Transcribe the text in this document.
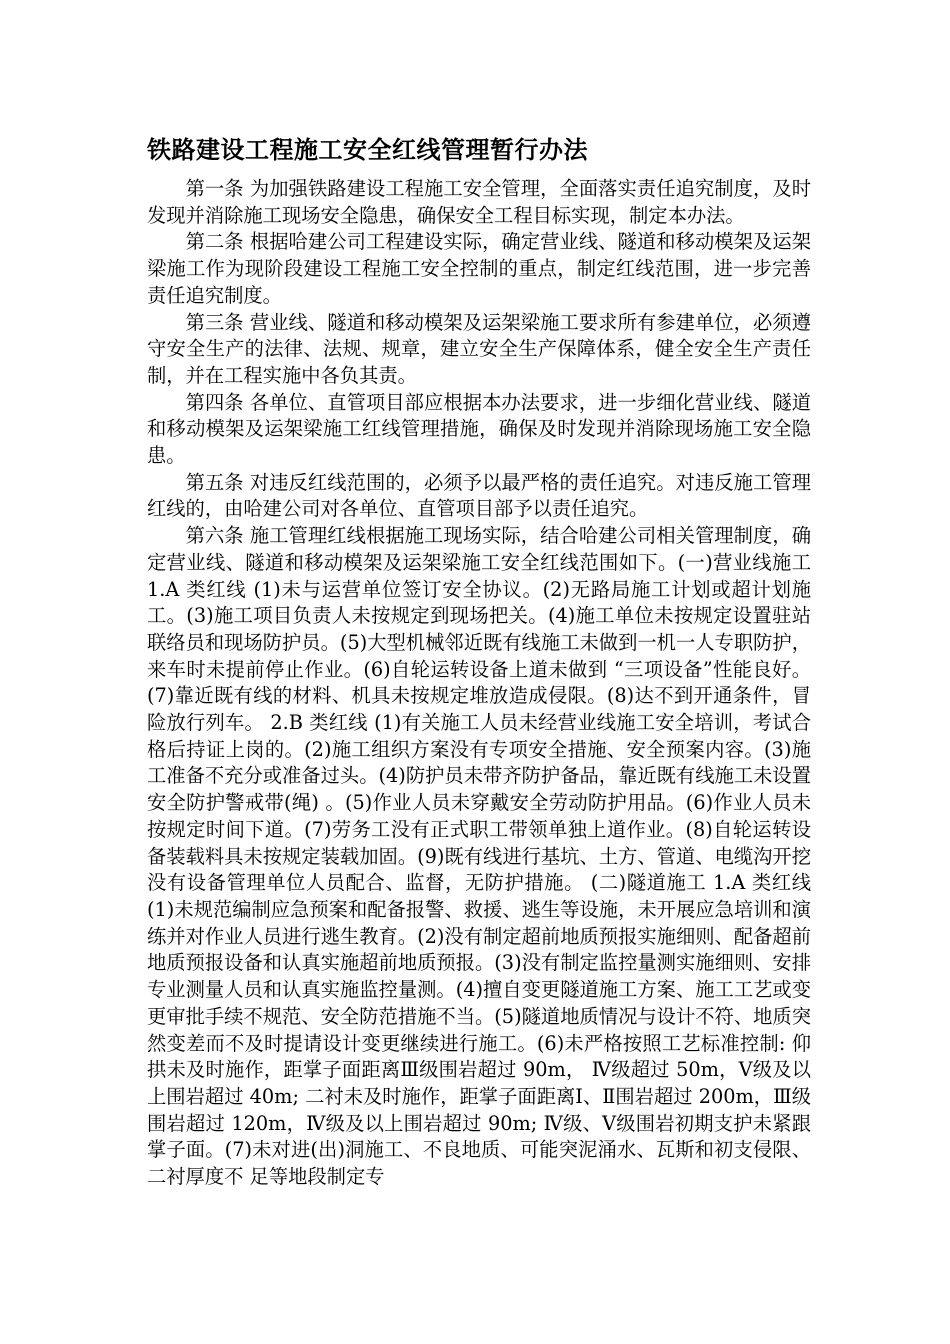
铁路建设工程施工安全红线管理暂行办法

第一条 为加强铁路建设工程施工安全管理，全面落实责任追究制度，及时发现并消除施工现场安全隐患，确保安全工程目标实现，制定本办法。

第二条 根据哈建公司工程建设实际，确定营业线、隧道和移动模架及运架梁施工作为现阶段建设工程施工安全控制的重点，制定红线范围，进一步完善责任追究制度。

第三条 营业线、隧道和移动模架及运架梁施工要求所有参建单位，必须遵守安全生产的法律、法规、规章，建立安全生产保障体系，健全安全生产责任制，并在工程实施中各负其责。

第四条 各单位、直管项目部应根据本办法要求，进一步细化营业线、隧道和移动模架及运架梁施工红线管理措施，确保及时发现并消除现场施工安全隐患。

第五条 对违反红线范围的，必须予以最严格的责任追究。对违反施工管理红线的，由哈建公司对各单位、直管项目部予以责任追究。

第六条 施工管理红线根据施工现场实际，结合哈建公司相关管理制度，确定营业线、隧道和移动模架及运架梁施工安全红线范围如下。(一)营业线施工 1.A 类红线 (1)未与运营单位签订安全协议。(2)无路局施工计划或超计划施工。(3)施工项目负责人未按规定到现场把关。(4)施工单位未按规定设置驻站联络员和现场防护员。(5)大型机械邻近既有线施工未做到一机一人专职防护，来车时未提前停止作业。(6)自轮运转设备上道未做到 “三项设备”性能良好。(7)靠近既有线的材料、机具未按规定堆放造成侵限。(8)达不到开通条件，冒险放行列车。 2.B 类红线 (1)有关施工人员未经营业线施工安全培训，考试合格后持证上岗的。(2)施工组织方案没有专项安全措施、安全预案内容。(3)施工准备不充分或准备过头。(4)防护员未带齐防护备品，靠近既有线施工未设置安全防护警戒带(绳) 。(5)作业人员未穿戴安全劳动防护用品。(6)作业人员未按规定时间下道。(7)劳务工没有正式职工带领单独上道作业。(8)自轮运转设备装载料具未按规定装载加固。(9)既有线进行基坑、土方、管道、电缆沟开挖没有设备管理单位人员配合、监督，无防护措施。 (二)隧道施工 1.A 类红线(1)未规范编制应急预案和配备报警、救援、逃生等设施，未开展应急培训和演练并对作业人员进行逃生教育。(2)没有制定超前地质预报实施细则、配备超前地质预报设备和认真实施超前地质预报。(3)没有制定监控量测实施细则、安排专业测量人员和认真实施监控量测。(4)擅自变更隧道施工方案、施工工艺或变更审批手续不规范、安全防范措施不当。(5)隧道地质情况与设计不符、地质突然变差而不及时提请设计变更继续进行施工。(6)未严格按照工艺标准控制: 仰拱未及时施作，距掌子面距离Ⅲ级围岩超过 90m， Ⅳ级超过 50m，Ⅴ级及以上围岩超过 40m; 二衬未及时施作，距掌子面距离Ⅰ、Ⅱ围岩超过 200m，Ⅲ级围岩超过 120m，Ⅳ级及以上围岩超过 90m; Ⅳ级、Ⅴ级围岩初期支护未紧跟掌子面。(7)未对进(出)洞施工、不良地质、可能突泥涌水、瓦斯和初支侵限、二衬厚度不 足等地段制定专
